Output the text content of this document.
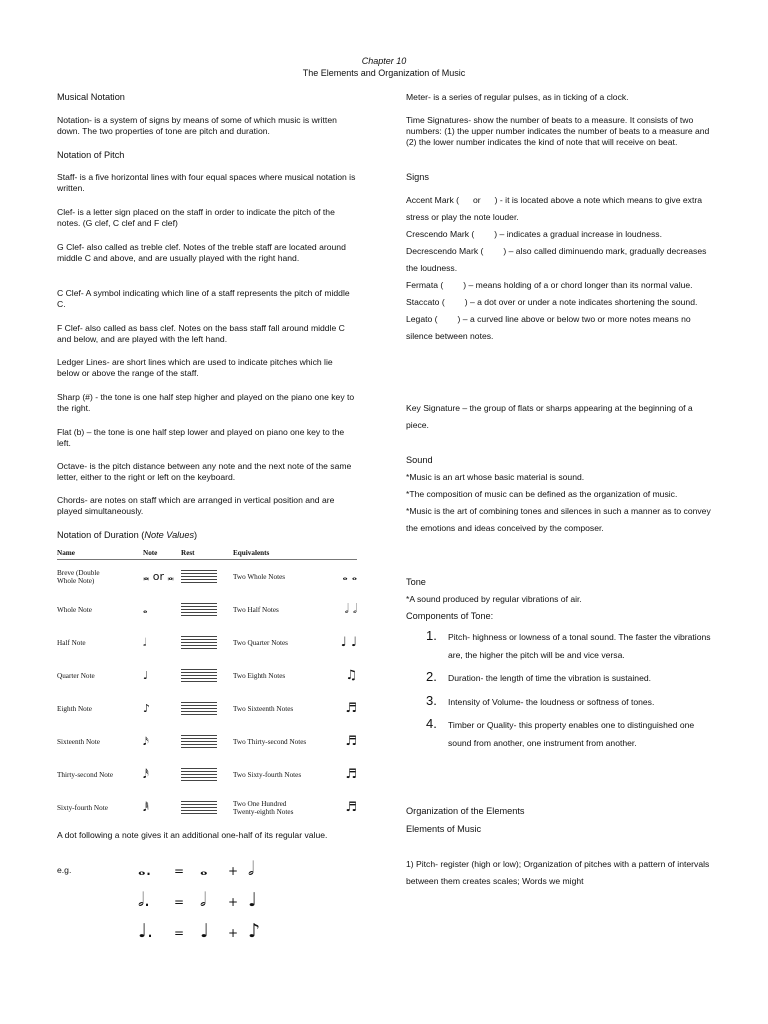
Chapter 10
The Elements and Organization of Music

Musical Notation

Notation- is a system of signs by means of some of which music is written down. The two properties of tone are pitch and duration.

Notation of Pitch

Staff- is a five horizontal lines with four equal spaces where musical notation is written.

Clef- is a letter sign placed on the staff in order to indicate the pitch of the notes. (G clef, C clef and F clef)

G Clef- also called as treble clef. Notes of the treble staff are located around middle C and above, and are usually played with the right hand.

C Clef- A symbol indicating which line of a staff represents the pitch of middle C.

F Clef- also called as bass clef. Notes on the bass staff fall around middle C and below, and are played with the left hand.

Ledger Lines- are short lines which are used to indicate pitches which lie below or above the range of the staff.

Sharp (#) - the tone is one half step higher and played on the piano one key to the right.

Flat (b) – the tone is one half step lower and played on piano one key to the left.

Octave- is the pitch distance between any note and the next note of the same letter, either to the right or left on the keyboard.

Chords- are notes on staff which are arranged in vertical position and are played simultaneously.

Notation of Duration (Note Values)

Name	Note	Rest	Equivalents	
Breve (Double
Whole Note)	𝅜 or 𝅜		Two Whole Notes	𝅝 𝅝
Whole Note	𝅝		Two Half Notes	𝅗𝅥 𝅗𝅥
Half Note	𝅗𝅥		Two Quarter Notes	♩ ♩
Quarter Note	♩		Two Eighth Notes	♫
Eighth Note	♪		Two Sixteenth Notes	♬
Sixteenth Note	𝅘𝅥𝅯		Two Thirty-second Notes	♬
Thirty-second Note	𝅘𝅥𝅰		Two Sixty-fourth Notes	♬
Sixty-fourth Note	𝅘𝅥𝅱		Two One Hundred
Twenty-eighth Notes	♬

A dot following a note gives it an additional one-half of its regular value.

e.g.	𝅝. = 𝅝 + 𝅗𝅥
𝅗𝅥. = 𝅗𝅥 + ♩
♩. = ♩ + ♪

Meter- is a series of regular pulses, as in ticking of a clock.

Time Signatures- show the number of beats to a measure. It consists of two numbers: (1) the upper number indicates the number of beats to a measure and (2) the lower number indicates the kind of note that will receive on beat.

Signs

Accent Mark ( or ) - it is located above a note which means to give extra stress or play the note louder.

Crescendo Mark ( ) – indicates a gradual increase in loudness.

Decrescendo Mark ( ) – also called diminuendo mark, gradually decreases the loudness.

Fermata ( ) – means holding of a or chord longer than its normal value.

Staccato ( ) – a dot over or under a note indicates shortening the sound.

Legato ( ) – a curved line above or below two or more notes means no silence between notes.

Key Signature – the group of flats or sharps appearing at the beginning of a piece.

Sound

*Music is an art whose basic material is sound.

*The composition of music can be defined as the organization of music.

*Music is the art of combining tones and silences in such a manner as to convey the emotions and ideas conceived by the composer.

Tone

*A sound produced by regular vibrations of air.

Components of Tone:

1. Pitch- highness or lowness of a tonal sound. The faster the vibrations are, the higher the pitch will be and vice versa.
2. Duration- the length of time the vibration is sustained.
3. Intensity of Volume- the loudness or softness of tones.
4. Timber or Quality- this property enables one to distinguished one sound from another, one instrument from another.

Organization of the Elements

Elements of Music

1) Pitch- register (high or low); Organization of pitches with a pattern of intervals between them creates scales; Words we might
